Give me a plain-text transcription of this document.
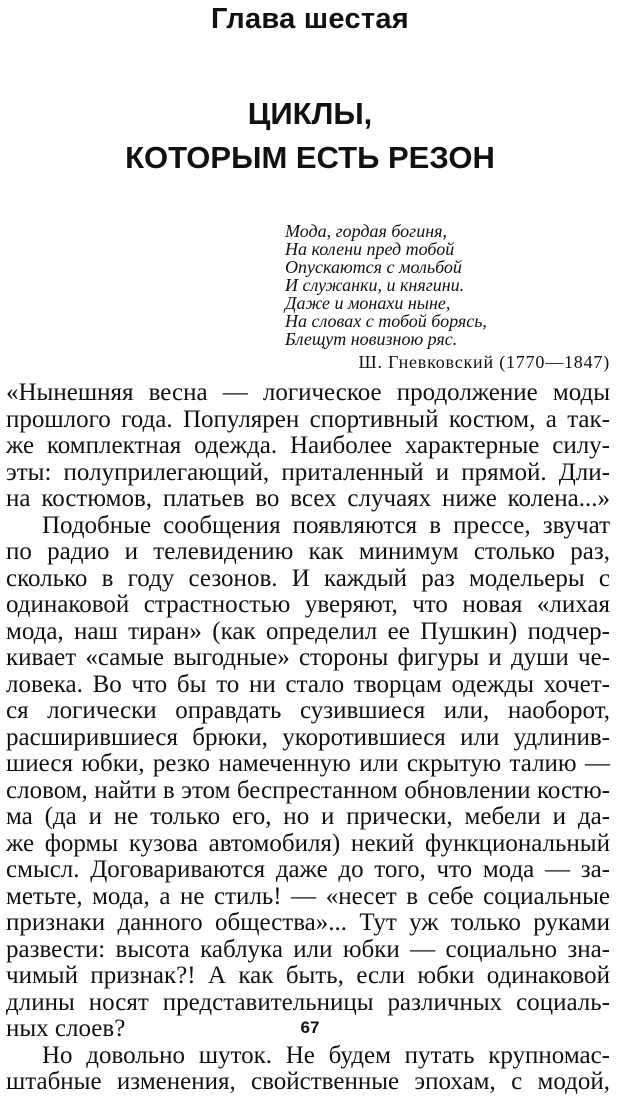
Глава шестая
ЦИКЛЫ,
КОТОРЫМ ЕСТЬ РЕЗОН
Мода, гордая богиня,
На колени пред тобой
Опускаются с мольбой
И служанки, и княгини.
Даже и монахи ныне,
На словах с тобой борясь,
Блещут новизною ряс.
Ш. Гневковский (1770—1847)
«Нынешняя весна — логическое продолжение моды
прошлого года. Популярен спортивный костюм, а так-
же комплектная одежда. Наиболее характерные силу-
эты: полуприлегающий, приталенный и прямой. Дли-
на костюмов, платьев во всех случаях ниже колена...»
Подобные сообщения появляются в прессе, звучат
по радио и телевидению как минимум столько раз,
сколько в году сезонов. И каждый раз модельеры с
одинаковой страстностью уверяют, что новая «лихая
мода, наш тиран» (как определил ее Пушкин) подчер-
кивает «самые выгодные» стороны фигуры и души че-
ловека. Во что бы то ни стало творцам одежды хочет-
ся логически оправдать сузившиеся или, наоборот,
расширившиеся брюки, укоротившиеся или удлинив-
шиеся юбки, резко намеченную или скрытую талию —
словом, найти в этом беспрестанном обновлении костю-
ма (да и не только его, но и прически, мебели и да-
же формы кузова автомобиля) некий функциональный
смысл. Договариваются даже до того, что мода — за-
метьте, мода, а не стиль! — «несет в себе социальные
признаки данного общества»... Тут уж только руками
развести: высота каблука или юбки — социально зна-
чимый признак?! А как быть, если юбки одинаковой
длины носят представительницы различных социаль-
ных слоев?
Но довольно шуток. Не будем путать крупномас-
штабные изменения, свойственные эпохам, с модой,
67
